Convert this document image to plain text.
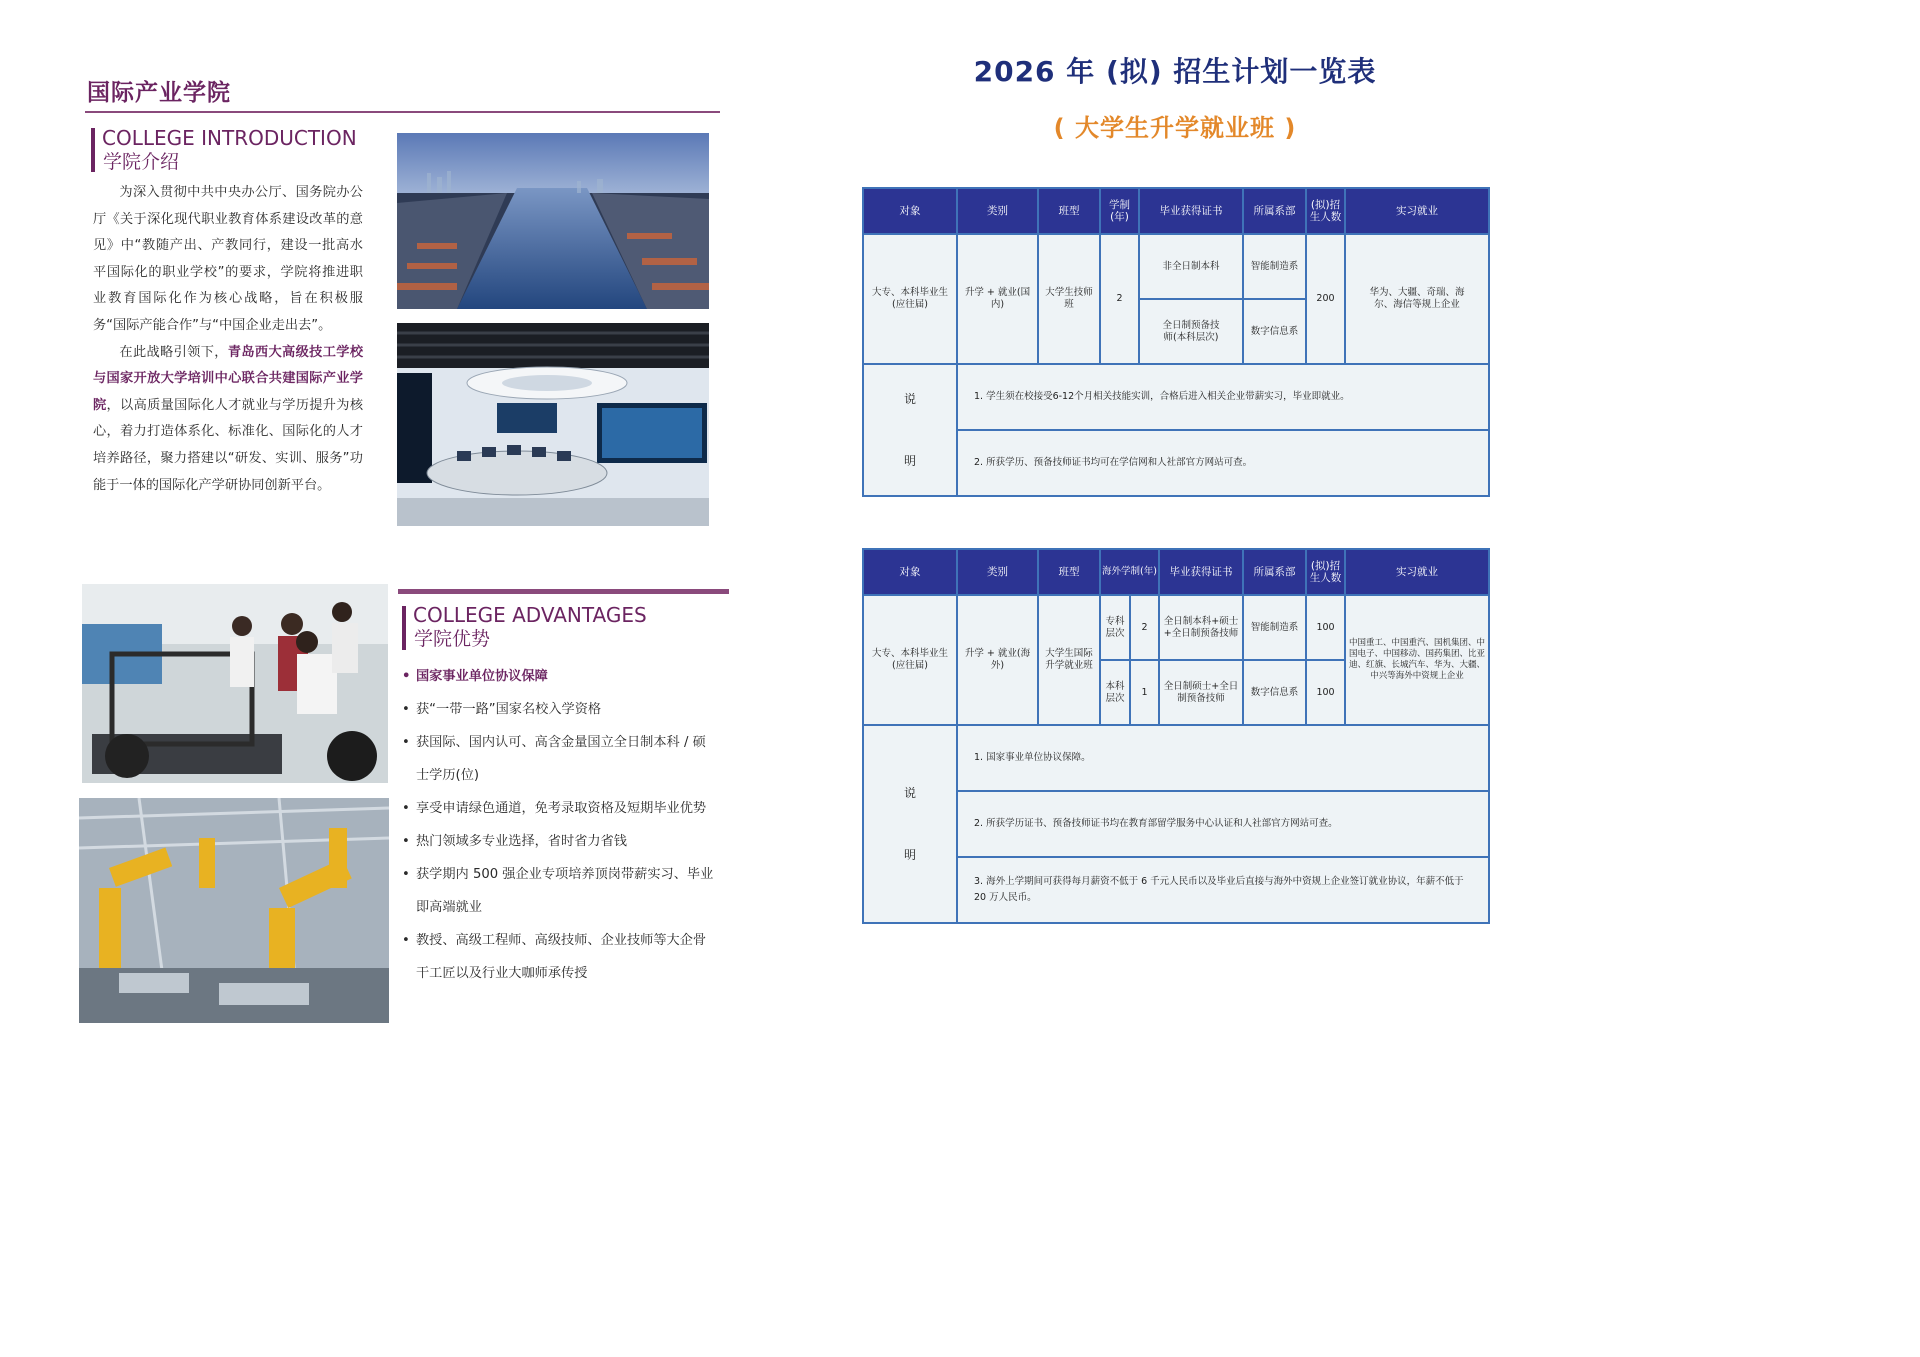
国际产业学院
COLLEGE INTRODUCTION
学院介绍

为深入贯彻中共中央办公厅、国务院办公厅《关于深化现代职业教育体系建设改革的意见》中“教随产出、产教同行，建设一批高水平国际化的职业学校”的要求，学院将推进职业教育国际化作为核心战略，旨在积极服务“国际产能合作”与“中国企业走出去”。

在此战略引领下，青岛西大高级技工学校与国家开放大学培训中心联合共建国际产业学院，以高质量国际化人才就业与学历提升为核心，着力打造体系化、标准化、国际化的人才培养路径，聚力搭建以“研发、实训、服务”功能于一体的国际化产学研协同创新平台。

COLLEGE ADVANTAGES
学院优势
• 国家事业单位协议保障
• 获“一带一路”国家名校入学资格
• 获国际、国内认可、高含金量国立全日制本科 / 硕士学历(位)
• 享受申请绿色通道，免考录取资格及短期毕业优势
• 热门领域多专业选择，省时省力省钱
• 获学期内 500 强企业专项培养顶岗带薪实习、毕业即高端就业
• 教授、高级工程师、高级技师、企业技师等大企骨干工匠以及行业大咖师承传授
2026 年 (拟) 招生计划一览表
( 大学生升学就业班 )
对象	类别	班型	学制(年)	毕业获得证书	所属系部	(拟)招生人数	实习就业
大专、本科毕业生(应往届)	升学 + 就业(国内)	大学生技师班	2	非全日制本科	智能制造系	200	华为、大疆、奇瑞、海尔、海信等规上企业
				全日制预备技师(本科层次)	数字信息系		
说明	1. 学生须在校接受6-12个月相关技能实训，合格后进入相关企业带薪实习，毕业即就业。						
	2. 所获学历、预备技师证书均可在学信网和人社部官方网站可查。						
对象	类别	班型	海外学制(年)		毕业获得证书	所属系部	(拟)招生人数	实习就业
大专、本科毕业生(应往届)	升学 + 就业(海外)	大学生国际升学就业班	专科层次	2	全日制本科+硕士+全日制预备技师	智能制造系	100	中国重工、中国重汽、国机集团、中国电子、中国移动、国药集团、比亚迪、红旗、长城汽车、华为、大疆、中兴等海外中资规上企业
			本科层次	1	全日制硕士+全日制预备技师	数字信息系	100	
说明	1. 国家事业单位协议保障。							
	2. 所获学历证书、预备技师证书均在教育部留学服务中心认证和人社部官方网站可查。							
	3. 海外上学期间可获得每月薪资不低于 6 千元人民币以及毕业后直接与海外中资规上企业签订就业协议，年薪不低于 20 万人民币。							
